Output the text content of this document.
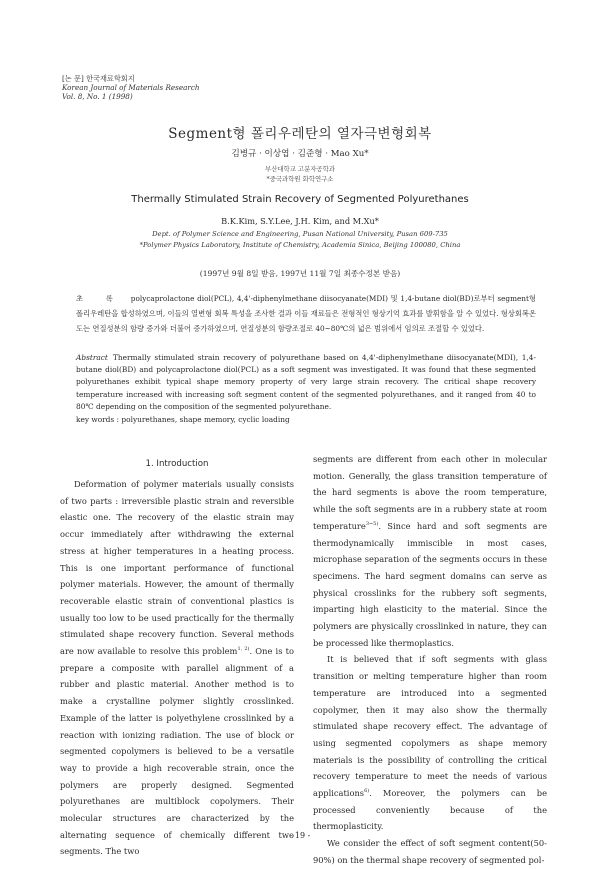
[논 문] 한국재료학회지
Korean Journal of Materials Research
Vol. 8, No. 1 (1998)
Segment형 폴리우레탄의 열자극변형회복
김병규 · 이상엽 · 김준형 · Mao Xu*
부산대학교 고분자공학과
*중국과학원 화학연구소
Thermally Stimulated Strain Recovery of Segmented Polyurethanes
B.K.Kim, S.Y.Lee, J.H. Kim, and M.Xu*
Dept. of Polymer Science and Engineering, Pusan National University, Pusan 609-735
*Polymer Physics Laboratory, Institute of Chemistry, Academia Sinica, Beijing 100080, China
(1997년 9월 8일 받음, 1997년 11월 7일 최종수정본 받음)
초 록 polycaprolactone diol(PCL), 4,4'-diphenylmethane diisocyanate(MDI) 및 1,4-butane diol(BD)로부터 segment형 폴리우레탄을 합성하였으며, 이들의 열변형 회복 특성을 조사한 결과 이들 재료들은 전형적인 형상기억 효과를 발휘함을 알 수 있었다. 형상회복온도는 연질성분의 함량 증가와 더불어 증가하였으며, 연질성분의 함량조절로 40~80℃의 넓은 범위에서 임의로 조절할 수 있었다.
Abstract Thermally stimulated strain recovery of polyurethane based on 4,4'-diphenylmethane diisocyanate(MDI), 1,4-butane diol(BD) and polycaprolactone diol(PCL) as a soft segment was investigated. It was found that these segmented polyurethanes exhibit typical shape memory property of very large strain recovery. The critical shape recovery temperature increased with increasing soft segment content of the segmented polyurethanes, and it ranged from 40 to 80℃ depending on the composition of the segmented polyurethane.
key words : polyurethanes, shape memory, cyclic loading
1. Introduction

Deformation of polymer materials usually consists of two parts : irreversible plastic strain and reversible elastic one. The recovery of the elastic strain may occur immediately after withdrawing the external stress at higher temperatures in a heating process. This is one important performance of functional polymer materials. However, the amount of thermally recoverable elastic strain of conventional plastics is usually too low to be used practically for the thermally stimulated shape recovery function. Several methods are now available to resolve this problem$^{1, 2)}$. One is to prepare a composite with parallel alignment of a rubber and plastic material. Another method is to make a crystalline polymer slightly crosslinked. Example of the latter is polyethylene crosslinked by a reaction with ionizing radiation. The use of block or segmented copolymers is believed to be a versatile way to provide a high recoverable strain, once the polymers are properly designed. Segmented polyurethanes are multiblock copolymers. Their molecular structures are characterized by the alternating sequence of chemically different two segments. The two

segments are different from each other in molecular motion. Generally, the glass transition temperature of the hard segments is above the room temperature, while the soft segments are in a rubbery state at room temperature$^{3\sim 5)}$. Since hard and soft segments are thermodynamically immiscible in most cases, microphase separation of the segments occurs in these specimens. The hard segment domains can serve as physical crosslinks for the rubbery soft segments, imparting high elasticity to the material. Since the polymers are physically crosslinked in nature, they can be processed like thermoplastics.

It is believed that if soft segments with glass transition or melting temperature higher than room temperature are introduced into a segmented copolymer, then it may also show the thermally stimulated shape recovery effect. The advantage of using segmented copolymers as shape memory materials is the possibility of controlling the critical recovery temperature to meet the needs of various applications$^{6)}$. Moreover, the polymers can be processed conveniently because of the thermoplasticity.

We consider the effect of soft segment content(50-90%) on the thermal shape recovery of segmented pol-

- 19 -
